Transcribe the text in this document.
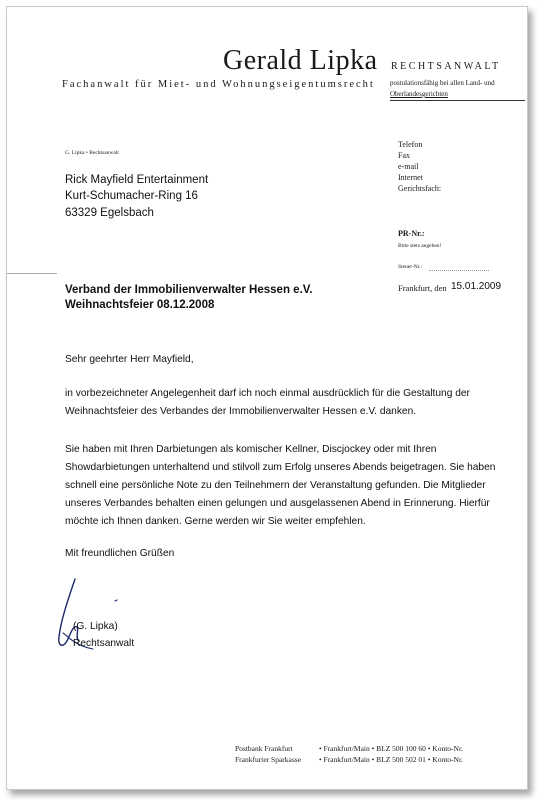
Gerald Lipka
Fachanwalt für Miet- und Wohnungseigentumsrecht
RECHTSANWALT
postulationsfähig bei allen Land- und
Oberlandesgerichten
G. Lipka • Rechtsanwalt
Rick Mayfield Entertainment
Kurt-Schumacher-Ring 16
63329 Egelsbach
Telefon
Fax
e-mail
Internet
Gerichtsfach:
PR-Nr.:
Bitte stets angeben!
Steuer-Nr.:
Verband der Immobilienverwalter Hessen e.V.
Weihnachtsfeier 08.12.2008
Frankfurt, den 15.01.2009
Sehr geehrter Herr Mayfield,
in vorbezeichneter Angelegenheit darf ich noch einmal ausdrücklich für die Gestaltung der Weihnachtsfeier des Verbandes der Immobilienverwalter Hessen e.V. danken.
Sie haben mit Ihren Darbietungen als komischer Kellner, Discjockey oder mit Ihren Showdarbietungen unterhaltend und stilvoll zum Erfolg unseres Abends beigetragen. Sie haben schnell eine persönliche Note zu den Teilnehmern der Veranstaltung gefunden. Die Mitglieder unseres Verbandes behalten einen gelungen und ausgelassenen Abend in Erinnerung. Hierfür möchte ich Ihnen danken. Gerne werden wir Sie weiter empfehlen.
Mit freundlichen Grüßen
(G. Lipka)
Rechtsanwalt
Postbank Frankfurt
Frankfurter Sparkasse
• Frankfurt/Main • BLZ 500 100 60 • Konto-Nr.
• Frankfurt/Main • BLZ 500 502 01 • Konto-Nr.
